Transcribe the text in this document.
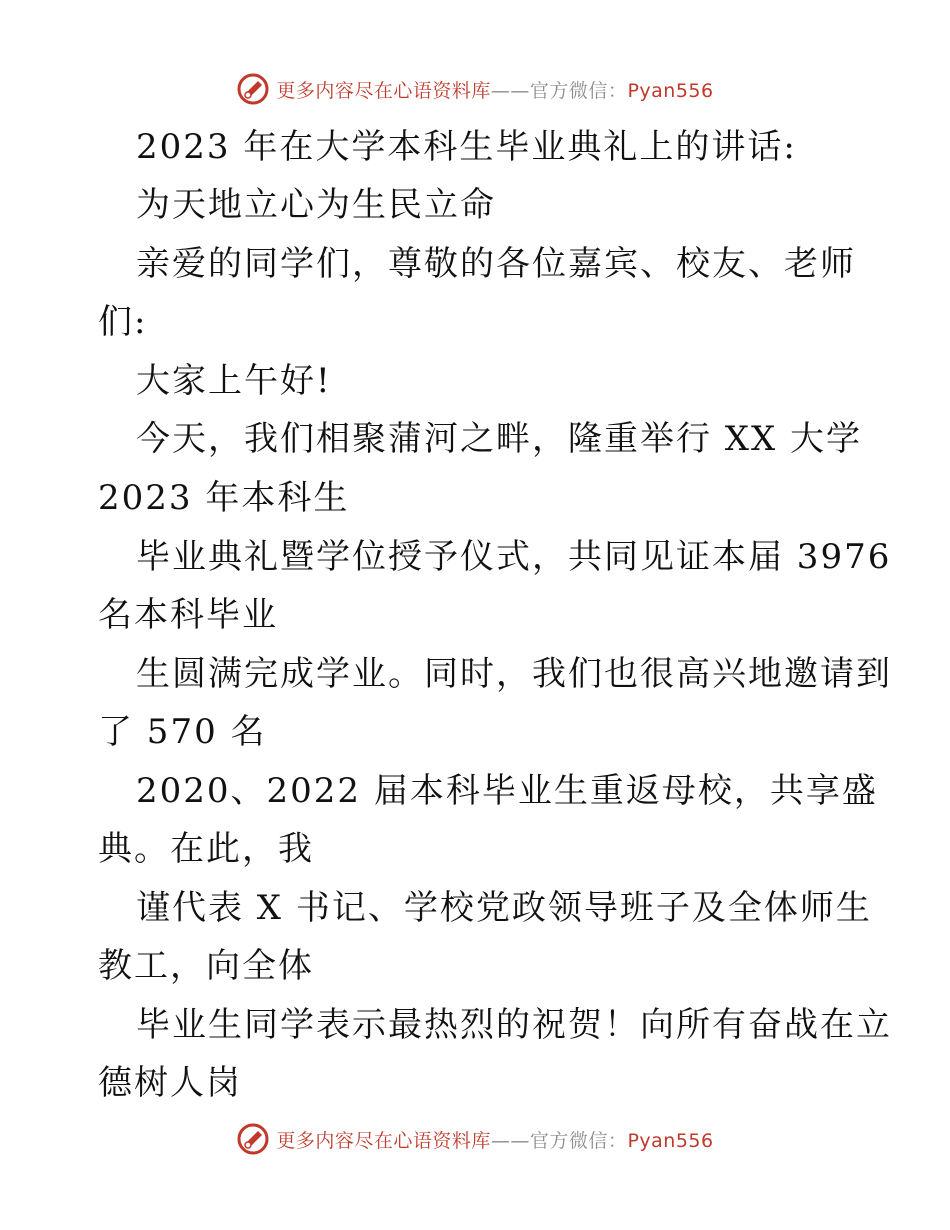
更多内容尽在心语资料库——官方微信：Pyan556
2023 年在大学本科生毕业典礼上的讲话:
为天地立心为生民立命
亲爱的同学们，尊敬的各位嘉宾、校友、老师
们:
大家上午好!
今天，我们相聚蒲河之畔，隆重举行 XX 大学
2023 年本科生
毕业典礼暨学位授予仪式，共同见证本届 3976
名本科毕业
生圆满完成学业。同时，我们也很高兴地邀请到
了 570 名
2020、2022 届本科毕业生重返母校，共享盛
典。在此，我
谨代表 X 书记、学校党政领导班子及全体师生
教工，向全体
毕业生同学表示最热烈的祝贺！向所有奋战在立
德树人岗
更多内容尽在心语资料库——官方微信：Pyan556
